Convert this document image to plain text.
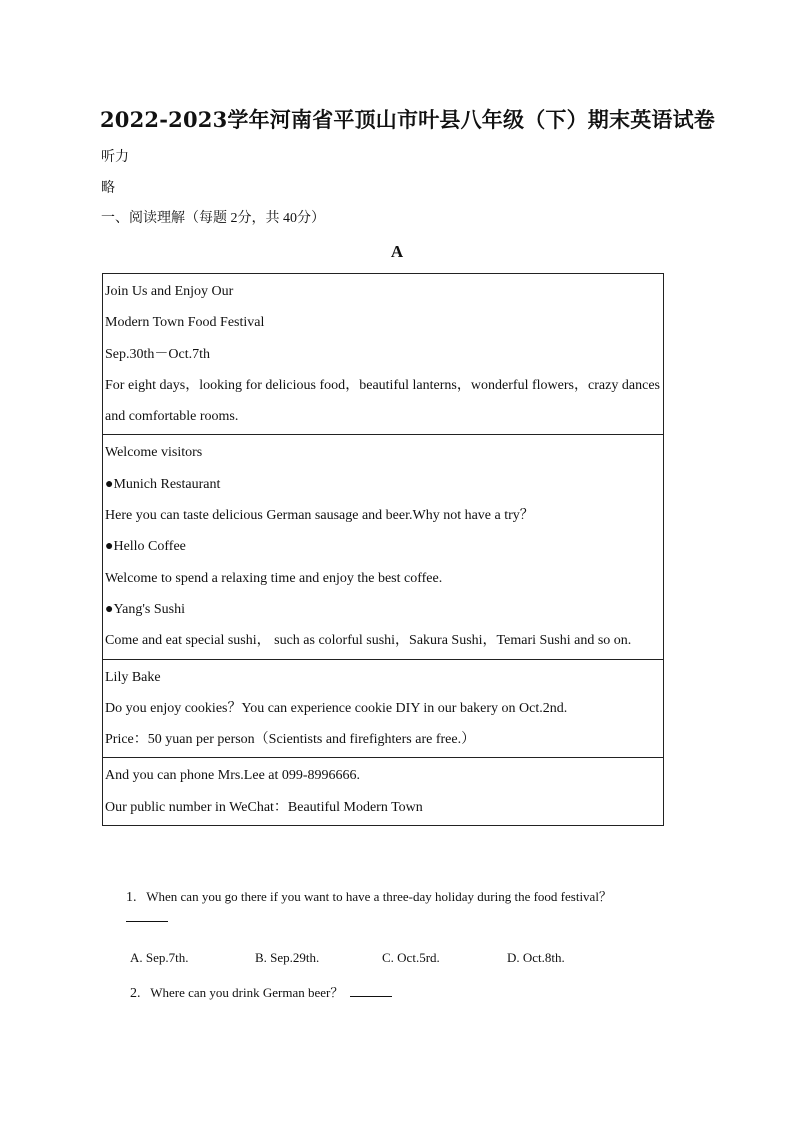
2022-2023学年河南省平顶山市叶县八年级（下）期末英语试卷
听力
略
一、阅读理解（每题 2分，共 40分）
A

Join Us and Enjoy Our

Modern Town Food Festival

Sep.30th－Oct.7th

For eight days，looking for delicious food，beautiful lanterns，wonderful flowers，crazy dances and comfortable rooms.

Welcome visitors

●Munich Restaurant

Here you can taste delicious German sausage and beer.Why not have a try？

●Hello Coffee

Welcome to spend a relaxing time and enjoy the best coffee.

●Yang's Sushi

Come and eat special sushi， such as colorful sushi，Sakura Sushi，Temari Sushi and so on.

Lily Bake

Do you enjoy cookies？You can experience cookie DIY in our bakery on Oct.2nd.

Price：50 yuan per person（Scientists and firefighters are free.）

And you can phone Mrs.Lee at 099-8996666.

Our public number in WeChat：Beautiful Modern Town

1. When can you go there if you want to have a three-day holiday during the food festival？
A. Sep.7th.	B. Sep.29th.	C. Oct.5rd.	D. Oct.8th.
2. Where can you drink German beer？
